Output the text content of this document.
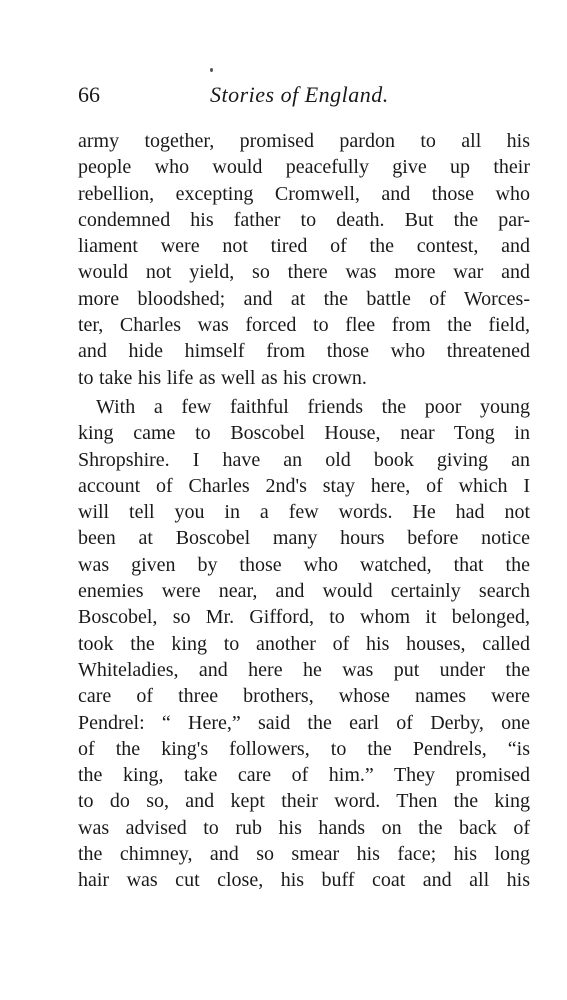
66	Stories of England.
army together, promised pardon to all his
people who would peacefully give up their
rebellion, excepting Cromwell, and those who
condemned his father to death. But the par-
liament were not tired of the contest, and
would not yield, so there was more war and
more bloodshed; and at the battle of Worces-
ter, Charles was forced to flee from the field,
and hide himself from those who threatened
to take his life as well as his crown.
With a few faithful friends the poor young
king came to Boscobel House, near Tong in
Shropshire. I have an old book giving an
account of Charles 2nd's stay here, of which I
will tell you in a few words. He had not
been at Boscobel many hours before notice
was given by those who watched, that the
enemies were near, and would certainly search
Boscobel, so Mr. Gifford, to whom it belonged,
took the king to another of his houses, called
Whiteladies, and here he was put under the
care of three brothers, whose names were
Pendrel: “ Here,” said the earl of Derby, one
of the king's followers, to the Pendrels, “is
the king, take care of him.” They promised
to do so, and kept their word. Then the king
was advised to rub his hands on the back of
the chimney, and so smear his face; his long
hair was cut close, his buff coat and all his
